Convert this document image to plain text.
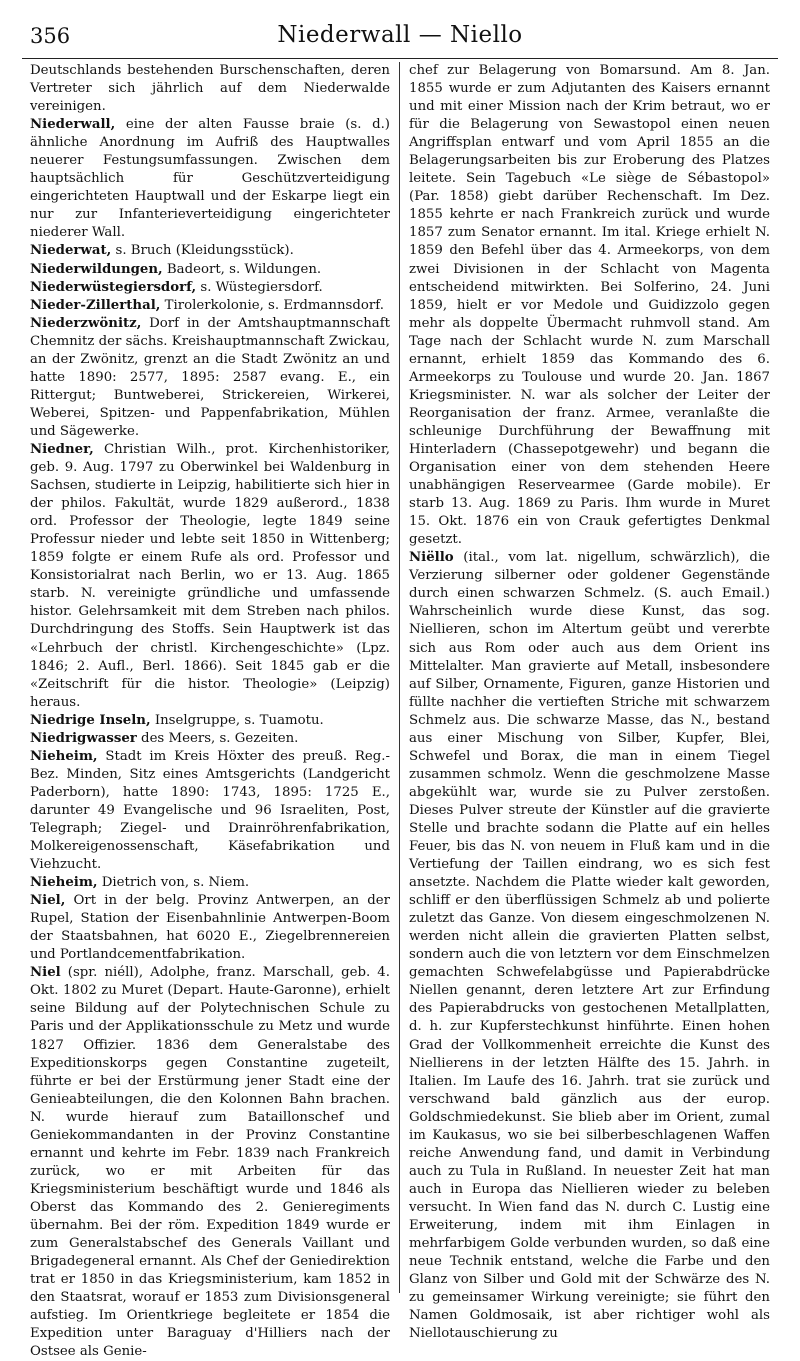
356	Niederwall — Niello

Deutschlands bestehenden Burschenschaften, deren Vertreter sich jährlich auf dem Niederwalde vereinigen.

Niederwall, eine der alten Fausse braie (s. d.) ähnliche Anordnung im Aufriß des Hauptwalles neuerer Festungsumfassungen. Zwischen dem hauptsächlich für Geschützverteidigung eingerichteten Hauptwall und der Eskarpe liegt ein nur zur Infanterieverteidigung eingerichteter niederer Wall.

Niederwat, s. Bruch (Kleidungsstück).

Niederwildungen, Badeort, s. Wildungen.

Niederwüstegiersdorf, s. Wüstegiersdorf.

Nieder-Zillerthal, Tirolerkolonie, s. Erdmannsdorf.

Niederzwönitz, Dorf in der Amtshauptmannschaft Chemnitz der sächs. Kreishauptmannschaft Zwickau, an der Zwönitz, grenzt an die Stadt Zwönitz an und hatte 1890: 2577, 1895: 2587 evang. E., ein Rittergut; Buntweberei, Strickereien, Wirkerei, Weberei, Spitzen- und Pappenfabrikation, Mühlen und Sägewerke.

Niedner, Christian Wilh., prot. Kirchenhistoriker, geb. 9. Aug. 1797 zu Oberwinkel bei Waldenburg in Sachsen, studierte in Leipzig, habilitierte sich hier in der philos. Fakultät, wurde 1829 außerord., 1838 ord. Professor der Theologie, legte 1849 seine Professur nieder und lebte seit 1850 in Wittenberg; 1859 folgte er einem Rufe als ord. Professor und Konsistorialrat nach Berlin, wo er 13. Aug. 1865 starb. N. vereinigte gründliche und umfassende histor. Gelehrsamkeit mit dem Streben nach philos. Durchdringung des Stoffs. Sein Hauptwerk ist das «Lehrbuch der christl. Kirchengeschichte» (Lpz. 1846; 2. Aufl., Berl. 1866). Seit 1845 gab er die «Zeitschrift für die histor. Theologie» (Leipzig) heraus.

Niedrige Inseln, Inselgruppe, s. Tuamotu.

Niedrigwasser des Meers, s. Gezeiten.

Nieheim, Stadt im Kreis Höxter des preuß. Reg.-Bez. Minden, Sitz eines Amtsgerichts (Landgericht Paderborn), hatte 1890: 1743, 1895: 1725 E., darunter 49 Evangelische und 96 Israeliten, Post, Telegraph; Ziegel- und Drainröhrenfabrikation, Molkereigenossenschaft, Käsefabrikation und Viehzucht.

Nieheim, Dietrich von, s. Niem.

Niel, Ort in der belg. Provinz Antwerpen, an der Rupel, Station der Eisenbahnlinie Antwerpen-Boom der Staatsbahnen, hat 6020 E., Ziegelbrennereien und Portlandcementfabrikation.

Niel (spr. niéll), Adolphe, franz. Marschall, geb. 4. Okt. 1802 zu Muret (Depart. Haute-Garonne), erhielt seine Bildung auf der Polytechnischen Schule zu Paris und der Applikationsschule zu Metz und wurde 1827 Offizier. 1836 dem Generalstabe des Expeditionskorps gegen Constantine zugeteilt, führte er bei der Erstürmung jener Stadt eine der Genieabteilungen, die den Kolonnen Bahn brachen. N. wurde hierauf zum Bataillonschef und Geniekommandanten in der Provinz Constantine ernannt und kehrte im Febr. 1839 nach Frankreich zurück, wo er mit Arbeiten für das Kriegsministerium beschäftigt wurde und 1846 als Oberst das Kommando des 2. Genieregiments übernahm. Bei der röm. Expedition 1849 wurde er zum Generalstabschef des Generals Vaillant und Brigadegeneral ernannt. Als Chef der Geniedirektion trat er 1850 in das Kriegsministerium, kam 1852 in den Staatsrat, worauf er 1853 zum Divisionsgeneral aufstieg. Im Orientkriege begleitete er 1854 die Expedition unter Baraguay d'Hilliers nach der Ostsee als Genie-

chef zur Belagerung von Bomarsund. Am 8. Jan. 1855 wurde er zum Adjutanten des Kaisers ernannt und mit einer Mission nach der Krim betraut, wo er für die Belagerung von Sewastopol einen neuen Angriffsplan entwarf und vom April 1855 an die Belagerungsarbeiten bis zur Eroberung des Platzes leitete. Sein Tagebuch «Le siège de Sébastopol» (Par. 1858) giebt darüber Rechenschaft. Im Dez. 1855 kehrte er nach Frankreich zurück und wurde 1857 zum Senator ernannt. Im ital. Kriege erhielt N. 1859 den Befehl über das 4. Armeekorps, von dem zwei Divisionen in der Schlacht von Magenta entscheidend mitwirkten. Bei Solferino, 24. Juni 1859, hielt er vor Medole und Guidizzolo gegen mehr als doppelte Übermacht ruhmvoll stand. Am Tage nach der Schlacht wurde N. zum Marschall ernannt, erhielt 1859 das Kommando des 6. Armeekorps zu Toulouse und wurde 20. Jan. 1867 Kriegsminister. N. war als solcher der Leiter der Reorganisation der franz. Armee, veranlaßte die schleunige Durchführung der Bewaffnung mit Hinterladern (Chassepotgewehr) und begann die Organisation einer von dem stehenden Heere unabhängigen Reservearmee (Garde mobile). Er starb 13. Aug. 1869 zu Paris. Ihm wurde in Muret 15. Okt. 1876 ein von Crauk gefertigtes Denkmal gesetzt.

Niëllo (ital., vom lat. nigellum, schwärzlich), die Verzierung silberner oder goldener Gegenstände durch einen schwarzen Schmelz. (S. auch Email.) Wahrscheinlich wurde diese Kunst, das sog. Niellieren, schon im Altertum geübt und vererbte sich aus Rom oder auch aus dem Orient ins Mittelalter. Man gravierte auf Metall, insbesondere auf Silber, Ornamente, Figuren, ganze Historien und füllte nachher die vertieften Striche mit schwarzem Schmelz aus. Die schwarze Masse, das N., bestand aus einer Mischung von Silber, Kupfer, Blei, Schwefel und Borax, die man in einem Tiegel zusammen schmolz. Wenn die geschmolzene Masse abgekühlt war, wurde sie zu Pulver zerstoßen. Dieses Pulver streute der Künstler auf die gravierte Stelle und brachte sodann die Platte auf ein helles Feuer, bis das N. von neuem in Fluß kam und in die Vertiefung der Taillen eindrang, wo es sich fest ansetzte. Nachdem die Platte wieder kalt geworden, schliff er den überflüssigen Schmelz ab und polierte zuletzt das Ganze. Von diesem eingeschmolzenen N. werden nicht allein die gravierten Platten selbst, sondern auch die von letztern vor dem Einschmelzen gemachten Schwefelabgüsse und Papierabdrücke Niellen genannt, deren letztere Art zur Erfindung des Papierabdrucks von gestochenen Metallplatten, d. h. zur Kupferstechkunst hinführte. Einen hohen Grad der Vollkommenheit erreichte die Kunst des Niellierens in der letzten Hälfte des 15. Jahrh. in Italien. Im Laufe des 16. Jahrh. trat sie zurück und verschwand bald gänzlich aus der europ. Goldschmiedekunst. Sie blieb aber im Orient, zumal im Kaukasus, wo sie bei silberbeschlagenen Waffen reiche Anwendung fand, und damit in Verbindung auch zu Tula in Rußland. In neuester Zeit hat man auch in Europa das Niellieren wieder zu beleben versucht. In Wien fand das N. durch C. Lustig eine Erweiterung, indem mit ihm Einlagen in mehrfarbigem Golde verbunden wurden, so daß eine neue Technik entstand, welche die Farbe und den Glanz von Silber und Gold mit der Schwärze des N. zu gemeinsamer Wirkung vereinigte; sie führt den Namen Goldmosaik, ist aber richtiger wohl als Niellotauschierung zu
